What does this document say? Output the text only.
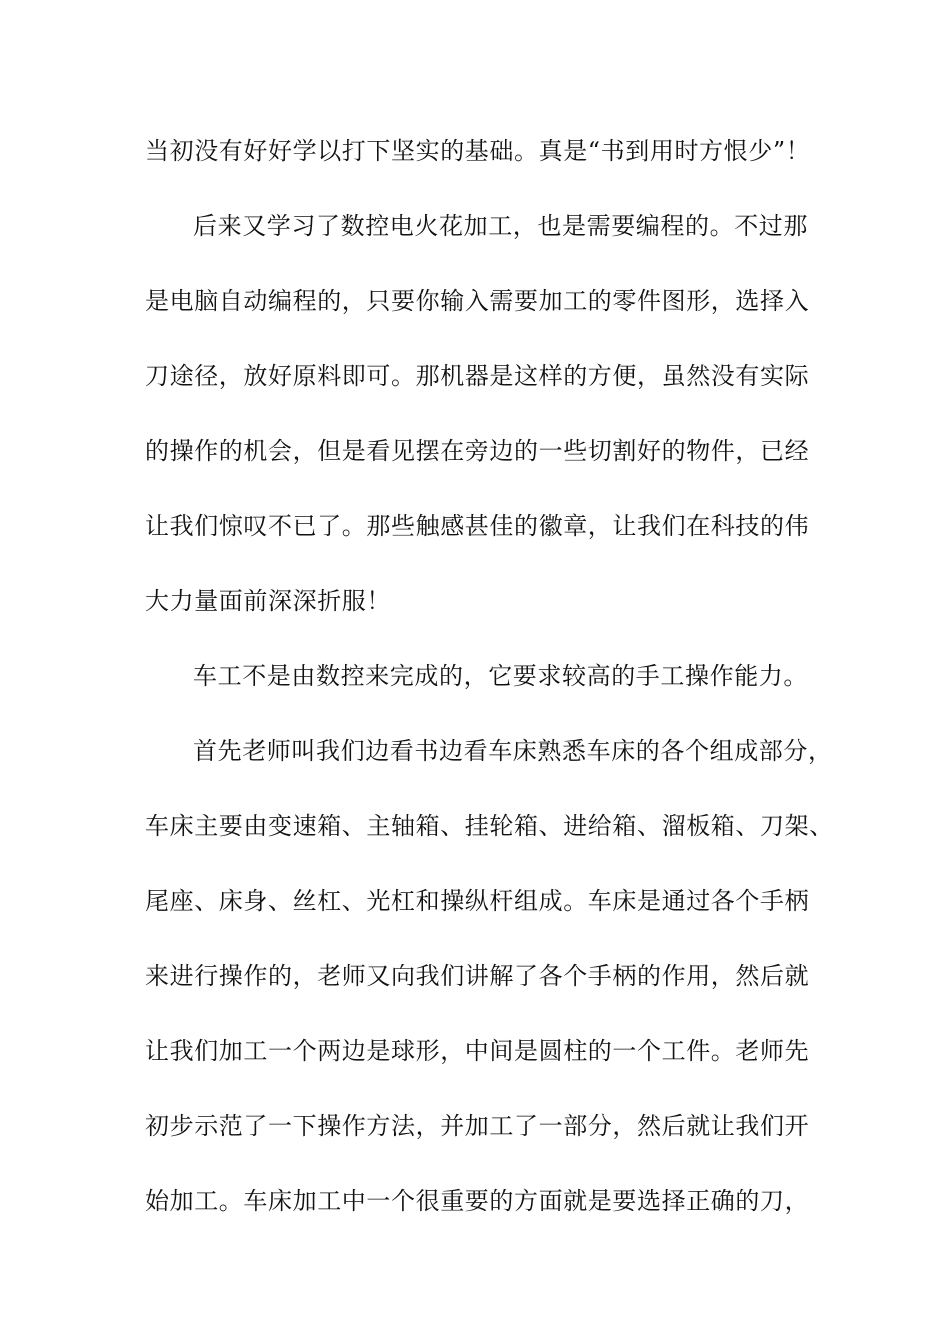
当初没有好好学以打下坚实的基础。真是“书到用时方恨少”！
后来又学习了数控电火花加工，也是需要编程的。不过那
是电脑自动编程的，只要你输入需要加工的零件图形，选择入
刀途径，放好原料即可。那机器是这样的方便，虽然没有实际
的操作的机会，但是看见摆在旁边的一些切割好的物件，已经
让我们惊叹不已了。那些触感甚佳的徽章，让我们在科技的伟
大力量面前深深折服！
车工不是由数控来完成的，它要求较高的手工操作能力。
首先老师叫我们边看书边看车床熟悉车床的各个组成部分，
车床主要由变速箱、主轴箱、挂轮箱、进给箱、溜板箱、刀架、
尾座、床身、丝杠、光杠和操纵杆组成。车床是通过各个手柄
来进行操作的，老师又向我们讲解了各个手柄的作用，然后就
让我们加工一个两边是球形，中间是圆柱的一个工件。老师先
初步示范了一下操作方法，并加工了一部分，然后就让我们开
始加工。车床加工中一个很重要的方面就是要选择正确的刀，
